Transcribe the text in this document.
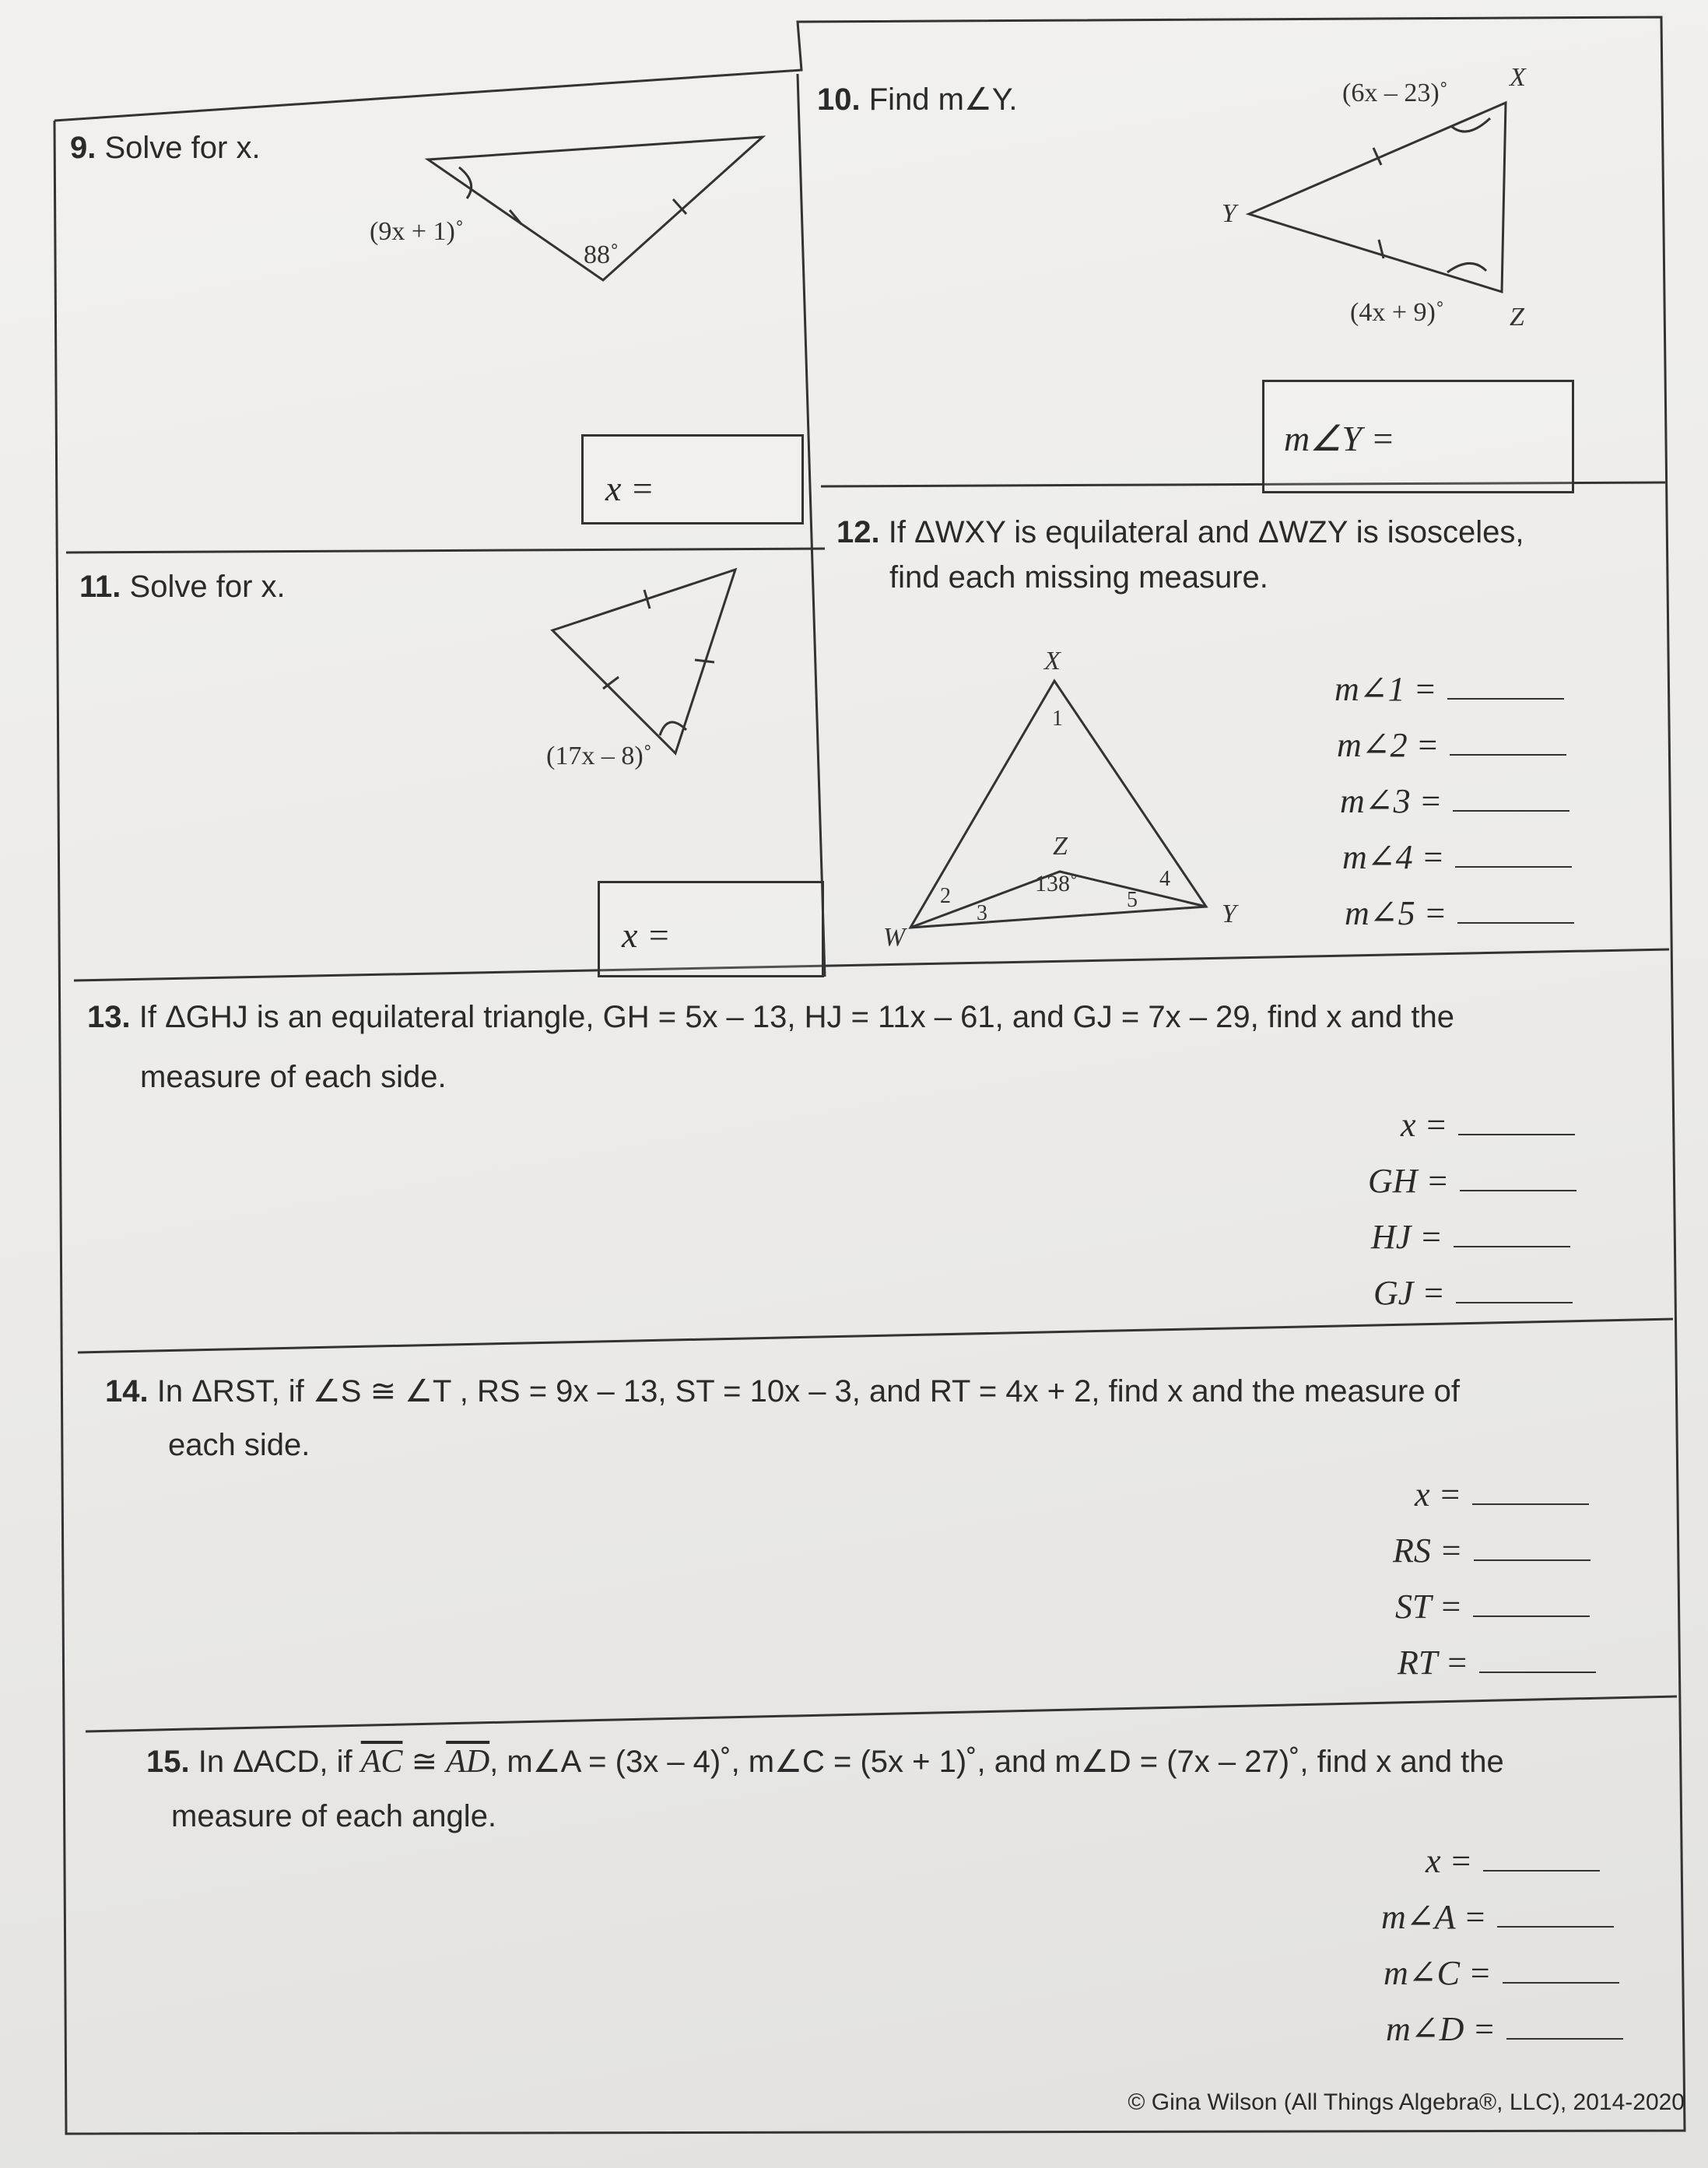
9. Solve for x.
(9x + 1)˚
88˚
x =
10. Find m∠Y.	(6x – 23)˚
(4x + 9)˚
X
Y
Z
m∠Y =
11. Solve for x.
(17x – 8)˚
x =
12. If ΔWXY is equilateral and ΔWZY is isosceles,
find each missing measure.
X
Z
W
Y
1
2
3
4
5
138˚
m∠1 =
m∠2 =
m∠3 =
m∠4 =
m∠5 =
13. If ΔGHJ is an equilateral triangle, GH = 5x – 13, HJ = 11x – 61, and GJ = 7x – 29, find x and the
measure of each side.
x =
GH =
HJ =
GJ =
14. In ΔRST, if ∠S ≅ ∠T , RS = 9x – 13, ST = 10x – 3, and RT = 4x + 2, find x and the measure of
each side.
x =
RS =
ST =
RT =
15. In ΔACD, if $\overline{AC}$ ≅ $\overline{AD}$, m∠A = (3x – 4)˚, m∠C = (5x + 1)˚, and m∠D = (7x – 27)˚, find x and the
measure of each angle.
x =
m∠A =
m∠C =
m∠D =
© Gina Wilson (All Things Algebra®, LLC), 2014-2020
